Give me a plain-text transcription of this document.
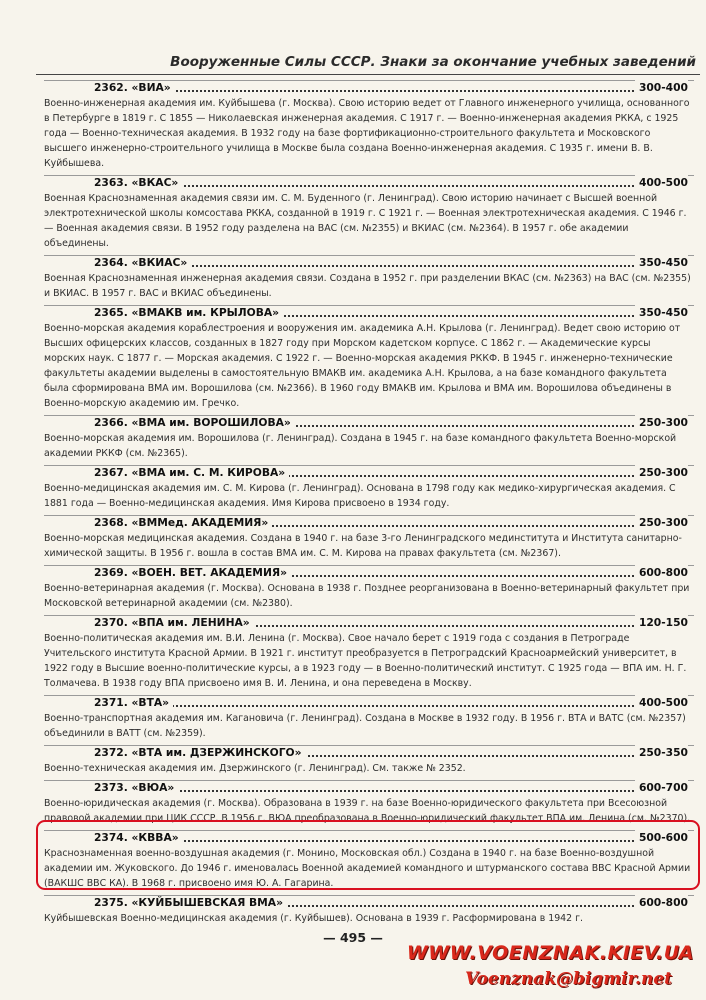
Вооруженные Силы СССР. Знаки за окончание учебных заведений
2362. «ВИА»	300-400

Военно-инженерная академия им. Куйбышева (г. Москва). Свою историю ведет от Главного инженерного училища, основанного в Петербурге в 1819 г. С 1855 — Николаевская инженерная академия. С 1917 г. — Военно-инженерная академия РККА, с 1925 года — Военно-техническая академия. В 1932 году на базе фортификационно-строительного факультета и Московского высшего инженерно-строительного училища в Москве была создана Военно-инженерная академия. С 1935 г. имени В. В. Куйбышева.

2363. «ВКАС»	400-500

Военная Краснознаменная академия связи им. С. М. Буденного (г. Ленинград). Свою историю начинает с Высшей военной электротехнической школы комсостава РККА, созданной в 1919 г. С 1921 г. — Военная электротехническая академия. С 1946 г. — Военная академия связи. В 1952 году разделена на ВАС (см. №2355) и ВКИАС (см. №2364). В 1957 г. обе академии объединены.

2364. «ВКИАС»	350-450

Военная Краснознаменная инженерная академия связи. Создана в 1952 г. при разделении ВКАС (см. №2363) на ВАС (см. №2355) и ВКИАС. В 1957 г. ВАС и ВКИАС объединены.

2365. «ВМАКВ им. КРЫЛОВА»	350-450

Военно-морская академия кораблестроения и вооружения им. академика А.Н. Крылова (г. Ленинград). Ведет свою историю от Высших офицерских классов, созданных в 1827 году при Морском кадетском корпусе. С 1862 г. — Академические курсы морских наук. С 1877 г. — Морская академия. С 1922 г. — Военно-морская академия РККФ. В 1945 г. инженерно-технические факультеты академии выделены в самостоятельную ВМАКВ им. академика А.Н. Крылова, а на базе командного факультета была сформирована ВМА им. Ворошилова (см. №2366). В 1960 году ВМАКВ им. Крылова и ВМА им. Ворошилова объединены в Военно-морскую академию им. Гречко.

2366. «ВМА им. ВОРОШИЛОВА»	250-300

Военно-морская академия им. Ворошилова (г. Ленинград). Создана в 1945 г. на базе командного факультета Военно-морской академии РККФ (см. №2365).

2367. «ВМА им. С. М. КИРОВА»	250-300

Военно-медицинская академия им. С. М. Кирова (г. Ленинград). Основана в 1798 году как медико-хирургическая академия. С 1881 года — Военно-медицинская академия. Имя Кирова присвоено в 1934 году.

2368. «ВММед. АКАДЕМИЯ»	250-300

Военно-морская медицинская академия. Создана в 1940 г. на базе 3-го Ленинградского мединститута и Института санитарно-химической защиты. В 1956 г. вошла в состав ВМА им. С. М. Кирова на правах факультета (см. №2367).

2369. «ВОЕН. ВЕТ. АКАДЕМИЯ»	600-800

Военно-ветеринарная академия (г. Москва). Основана в 1938 г. Позднее реорганизована в Военно-ветеринарный факультет при Московской ветеринарной академии (см. №2380).

2370. «ВПА им. ЛЕНИНА»	120-150

Военно-политическая академия им. В.И. Ленина (г. Москва). Свое начало берет с 1919 года с создания в Петрограде Учительского института Красной Армии. В 1921 г. институт преобразуется в Петроградский Красноармейский университет, в 1922 году в Высшие военно-политические курсы, а в 1923 году — в Военно-политический институт. С 1925 года — ВПА им. Н. Г. Толмачева. В 1938 году ВПА присвоено имя В. И. Ленина, и она переведена в Москву.

2371. «ВТА»	400-500

Военно-транспортная академия им. Кагановича (г. Ленинград). Создана в Москве в 1932 году. В 1956 г. ВТА и ВАТС (см. №2357) объединили в ВАТТ (см. №2359).

2372. «ВТА им. ДЗЕРЖИНСКОГО»	250-350

Военно-техническая академия им. Дзержинского (г. Ленинград). См. также № 2352.

2373. «ВЮА»	600-700

Военно-юридическая академия (г. Москва). Образована в 1939 г. на базе Военно-юридического факультета при Всесоюзной правовой академии при ЦИК СССР. В 1956 г. ВЮА преобразована в Военно-юридический факультет ВПА им. Ленина (см. №2370).

2374. «КВВА»	500-600

Краснознаменная военно-воздушная академия (г. Монино, Московская обл.) Создана в 1940 г. на базе Военно-воздушной академии им. Жуковского. До 1946 г. именовалась Военной академией командного и штурманского состава ВВС Красной Армии (ВАКШС ВВС КА). В 1968 г. присвоено имя Ю. А. Гагарина.

2375. «КУЙБЫШЕВСКАЯ ВМА»	600-800

Куйбышевская Военно-медицинская академия (г. Куйбышев). Основана в 1939 г. Расформирована в 1942 г.

— 495 —
WWW.VOENZNAK.KIEV.UA
Voenznak@bigmir.net
